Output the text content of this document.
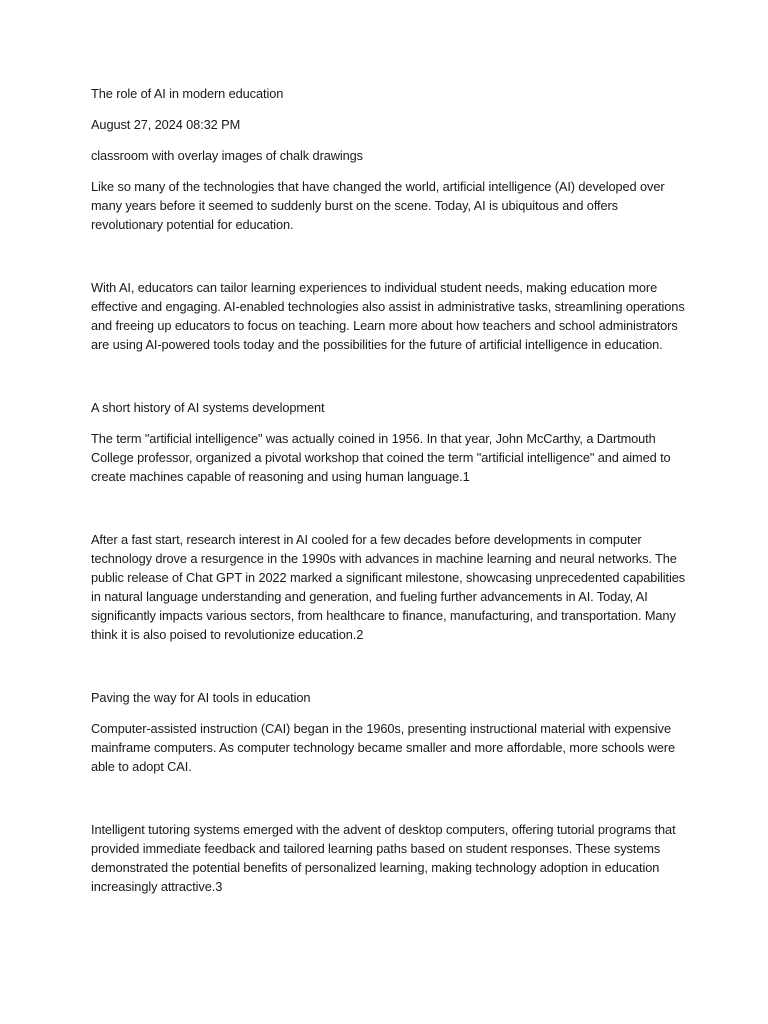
The role of AI in modern education

August 27, 2024 08:32 PM

classroom with overlay images of chalk drawings

Like so many of the technologies that have changed the world, artificial intelligence (AI) developed over many years before it seemed to suddenly burst on the scene. Today, AI is ubiquitous and offers revolutionary potential for education.

With AI, educators can tailor learning experiences to individual student needs, making education more effective and engaging. AI-enabled technologies also assist in administrative tasks, streamlining operations and freeing up educators to focus on teaching. Learn more about how teachers and school administrators are using AI-powered tools today and the possibilities for the future of artificial intelligence in education.

A short history of AI systems development

The term "artificial intelligence" was actually coined in 1956. In that year, John McCarthy, a Dartmouth College professor, organized a pivotal workshop that coined the term "artificial intelligence" and aimed to create machines capable of reasoning and using human language.1

After a fast start, research interest in AI cooled for a few decades before developments in computer technology drove a resurgence in the 1990s with advances in machine learning and neural networks. The public release of Chat GPT in 2022 marked a significant milestone, showcasing unprecedented capabilities in natural language understanding and generation, and fueling further advancements in AI. Today, AI significantly impacts various sectors, from healthcare to finance, manufacturing, and transportation. Many think it is also poised to revolutionize education.2

Paving the way for AI tools in education

Computer-assisted instruction (CAI) began in the 1960s, presenting instructional material with expensive mainframe computers. As computer technology became smaller and more affordable, more schools were able to adopt CAI.

Intelligent tutoring systems emerged with the advent of desktop computers, offering tutorial programs that provided immediate feedback and tailored learning paths based on student responses. These systems demonstrated the potential benefits of personalized learning, making technology adoption in education increasingly attractive.3
